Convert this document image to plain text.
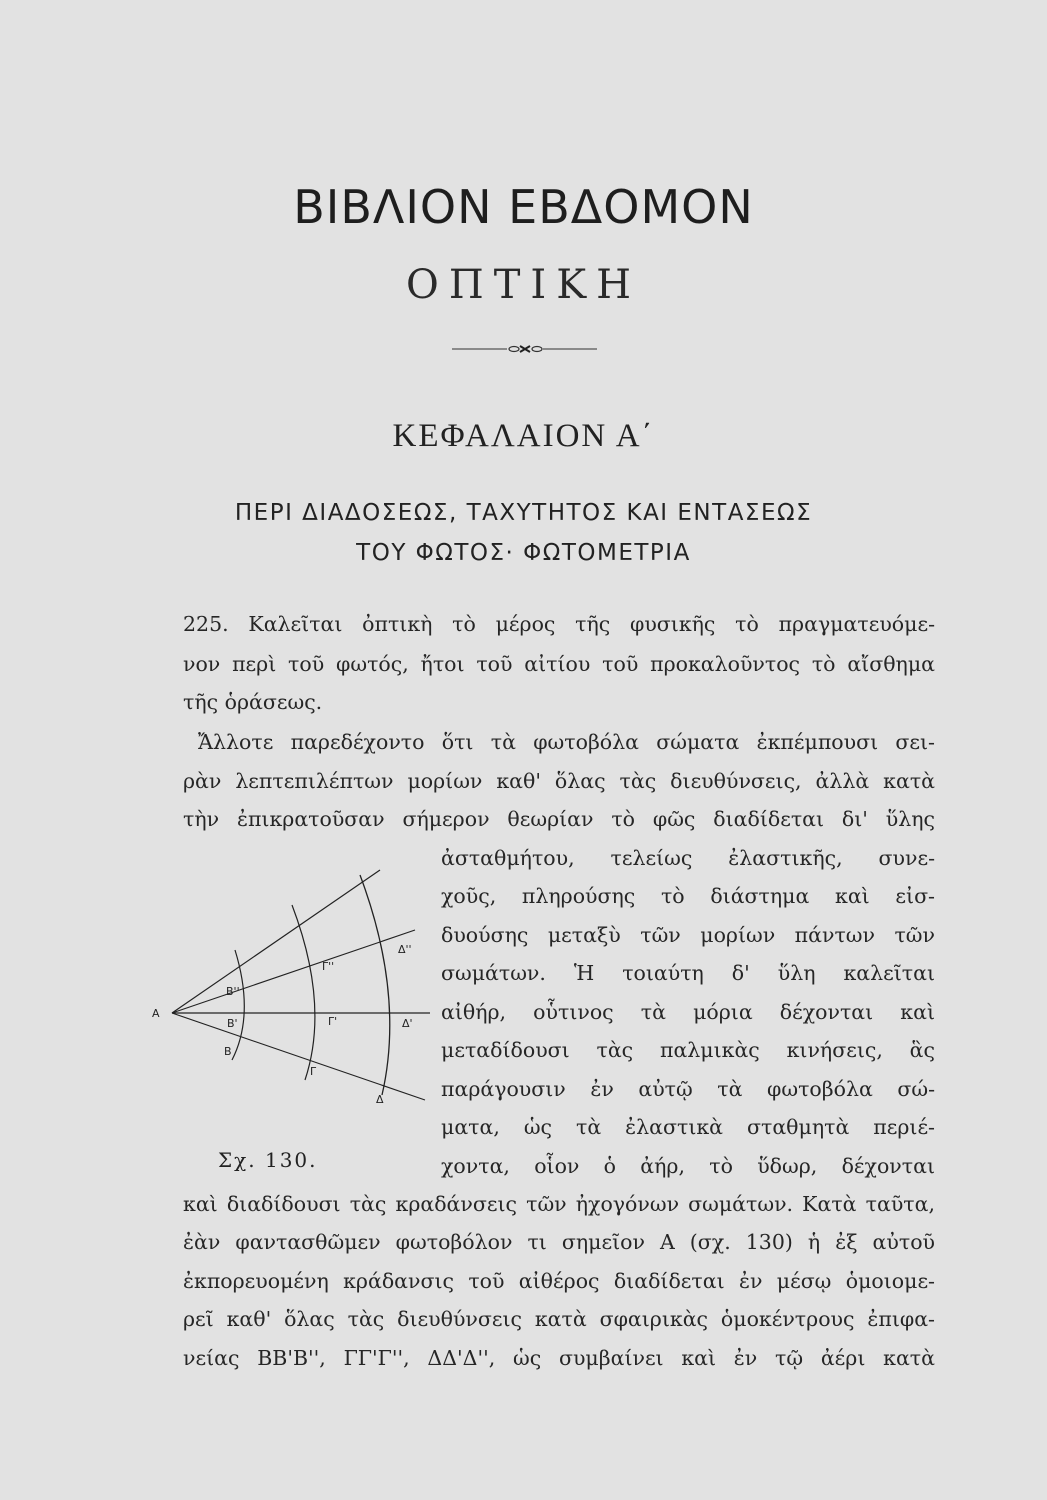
ΒΙΒΛΙΟΝ ΕΒΔΟΜΟΝ
ΟΠΤΙΚΗ
ΚΕΦΑΛΑΙΟΝ Α΄
ΠΕΡΙ ΔΙΑΔΟΣΕΩΣ, ΤΑΧΥΤΗΤΟΣ ΚΑΙ ΕΝΤΑΣΕΩΣ
ΤΟΥ ΦΩΤΟΣ· ΦΩΤΟΜΕΤΡΙΑ
225. Καλεῖται ὀπτικὴ τὸ μέρος τῆς φυσικῆς τὸ πραγματευόμε-
νον περὶ τοῦ φωτός, ἤτοι τοῦ αἰτίου τοῦ προκαλοῦντος τὸ αἴσθημα
τῆς ὁράσεως.
Ἄλλοτε παρεδέχοντο ὅτι τὰ φωτοβόλα σώματα ἐκπέμπουσι σει-
ρὰν λεπτεπιλέπτων μορίων καθ' ὅλας τὰς διευθύνσεις, ἀλλὰ κατὰ
τὴν ἐπικρατοῦσαν σήμερον θεωρίαν τὸ φῶς διαδίδεται δι' ὕλης
ἀσταθμήτου, τελείως ἐλαστικῆς, συνε-
χοῦς, πληρούσης τὸ διάστημα καὶ εἰσ-
δυούσης μεταξὺ τῶν μορίων πάντων τῶν
σωμάτων. Ἡ τοιαύτη δ' ὕλη καλεῖται
αἰθήρ, οὗτινος τὰ μόρια δέχονται καὶ
μεταδίδουσι τὰς παλμικὰς κινήσεις, ἃς
παράγουσιν ἐν αὐτῷ τὰ φωτοβόλα σώ-
ματα, ὡς τὰ ἐλαστικὰ σταθμητὰ περιέ-
χοντα, οἷον ὁ ἀήρ, τὸ ὕδωρ, δέχονται
καὶ διαδίδουσι τὰς κραδάνσεις τῶν ἠχογόνων σωμάτων. Κατὰ ταῦτα,
ἐὰν φαντασθῶμεν φωτοβόλον τι σημεῖον Α (σχ. 130) ἡ ἐξ αὐτοῦ
ἐκπορευομένη κράδανσις τοῦ αἰθέρος διαδίδεται ἐν μέσῳ ὁμοιομε-
ρεῖ καθ' ὅλας τὰς διευθύνσεις κατὰ σφαιρικὰς ὁμοκέντρους ἐπιφα-
νείας ΒΒ'Β'', ΓΓ'Γ'', ΔΔ'Δ'', ὡς συμβαίνει καὶ ἐν τῷ ἀέρι κατὰ
Α
Β
Β'
Β''
Γ
Γ'
Γ''
Δ
Δ'
Δ''
Σχ. 130.
